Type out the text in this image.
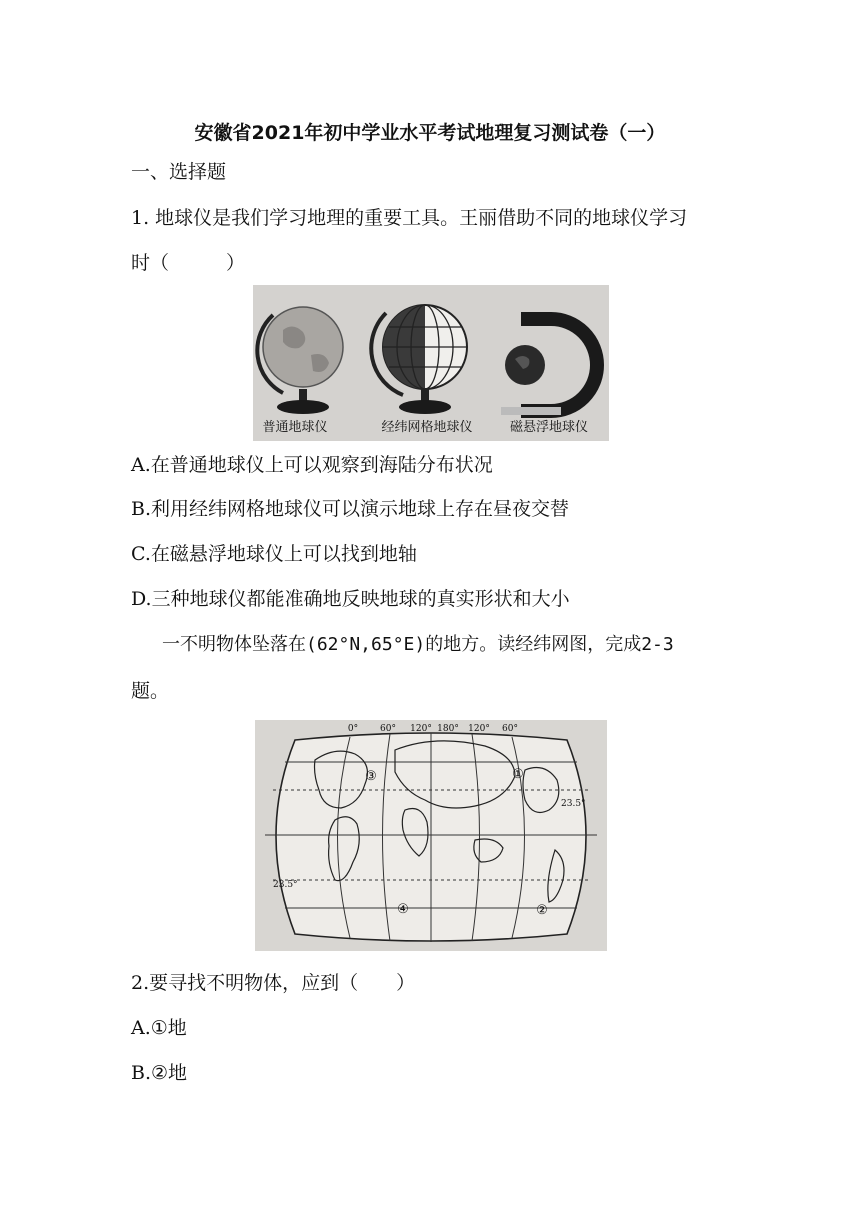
安徽省2021年初中学业水平考试地理复习测试卷（一）
一、选择题
1. 地球仪是我们学习地理的重要工具。王丽借助不同的地球仪学习
时（　　　）
普通地球仪	经纬网格地球仪	磁悬浮地球仪
A.在普通地球仪上可以观察到海陆分布状况
B.利用经纬网格地球仪可以演示地球上存在昼夜交替
C.在磁悬浮地球仪上可以找到地轴
D.三种地球仪都能准确地反映地球的真实形状和大小
一不明物体坠落在(62°N,65°E)的地方。读经纬网图，完成2-3
题。
0° 60° 120° 180° 120° 60°
23.5°
23.5°
③	①
④	②
2.要寻找不明物体，应到（　　）
A.①地
B.②地
